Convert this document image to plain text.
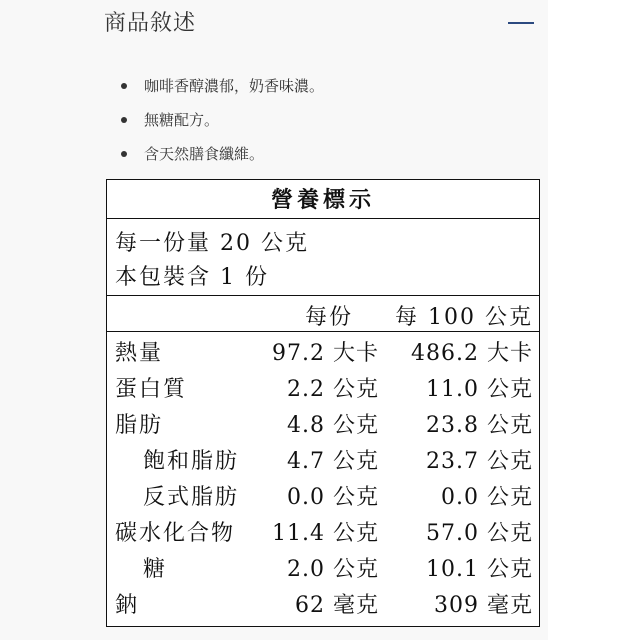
商品敘述
咖啡香醇濃郁，奶香味濃。
無糖配方。
含天然膳食纖維。
營養標示
每一份量 20 公克
本包裝含 1 份
每份 每 100 公克
熱量	97.2 大卡 486.2 大卡
蛋白質	2.2 公克 11.0 公克
脂肪	4.8 公克 23.8 公克
飽和脂肪 4.7 公克 23.7 公克
反式脂肪 0.0 公克	0.0 公克
碳水化合物 11.4 公克 57.0 公克
糖	2.0 公克 10.1 公克
鈉	62 毫克	309 毫克
